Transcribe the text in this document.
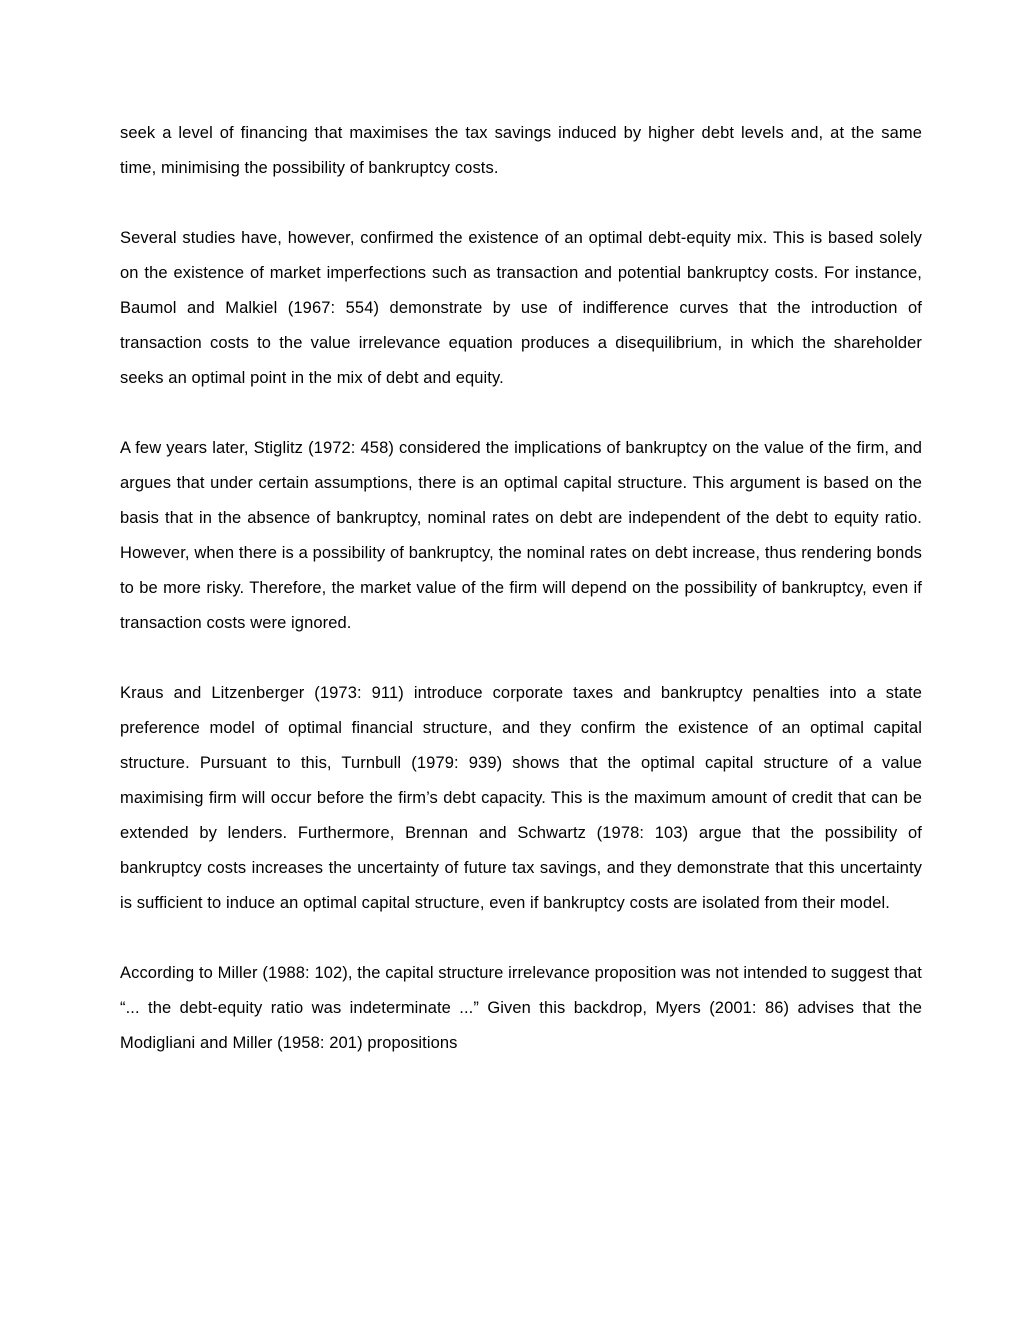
seek a level of financing that maximises the tax savings induced by higher debt levels and, at the same time, minimising the possibility of bankruptcy costs.

Several studies have, however, confirmed the existence of an optimal debt-equity mix. This is based solely on the existence of market imperfections such as transaction and potential bankruptcy costs. For instance, Baumol and Malkiel (1967: 554) demonstrate by use of indifference curves that the introduction of transaction costs to the value irrelevance equation produces a disequilibrium, in which the shareholder seeks an optimal point in the mix of debt and equity.

A few years later, Stiglitz (1972: 458) considered the implications of bankruptcy on the value of the firm, and argues that under certain assumptions, there is an optimal capital structure. This argument is based on the basis that in the absence of bankruptcy, nominal rates on debt are independent of the debt to equity ratio. However, when there is a possibility of bankruptcy, the nominal rates on debt increase, thus rendering bonds to be more risky. Therefore, the market value of the firm will depend on the possibility of bankruptcy, even if transaction costs were ignored.

Kraus and Litzenberger (1973: 911) introduce corporate taxes and bankruptcy penalties into a state preference model of optimal financial structure, and they confirm the existence of an optimal capital structure. Pursuant to this, Turnbull (1979: 939) shows that the optimal capital structure of a value maximising firm will occur before the firm’s debt capacity. This is the maximum amount of credit that can be extended by lenders. Furthermore, Brennan and Schwartz (1978: 103) argue that the possibility of bankruptcy costs increases the uncertainty of future tax savings, and they demonstrate that this uncertainty is sufficient to induce an optimal capital structure, even if bankruptcy costs are isolated from their model.

According to Miller (1988: 102), the capital structure irrelevance proposition was not intended to suggest that “... the debt-equity ratio was indeterminate ...” Given this backdrop, Myers (2001: 86) advises that the Modigliani and Miller (1958: 201) propositions
